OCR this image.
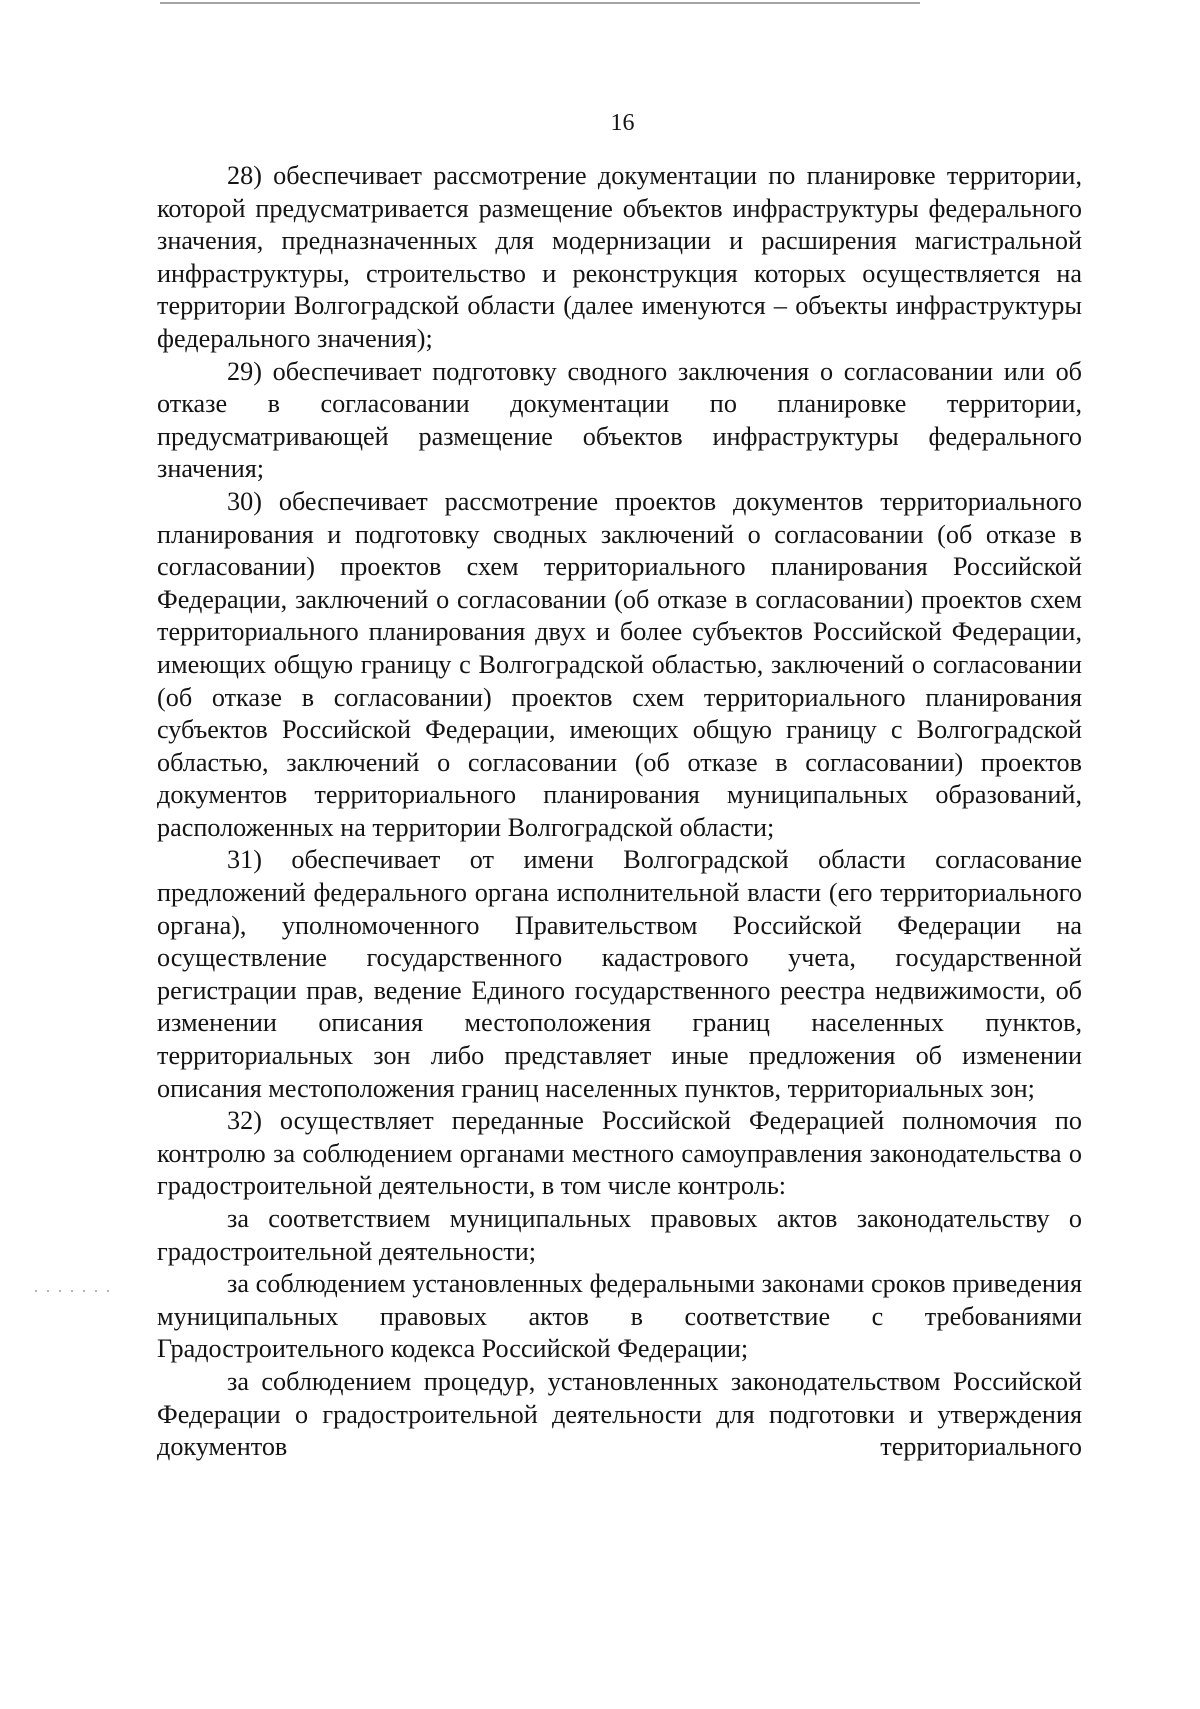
16

28) обеспечивает рассмотрение документации по планировке территории, которой предусматривается размещение объектов инфраструктуры федерального значения, предназначенных для модернизации и расширения магистральной инфраструктуры, строительство и реконструкция которых осуществляется на территории Волгоградской области (далее именуются – объекты инфраструктуры федерального значения);

29) обеспечивает подготовку сводного заключения о согласовании или об отказе в согласовании документации по планировке территории, предусматривающей размещение объектов инфраструктуры федерального значения;

30) обеспечивает рассмотрение проектов документов территориального планирования и подготовку сводных заключений о согласовании (об отказе в согласовании) проектов схем территориального планирования Российской Федерации, заключений о согласовании (об отказе в согласовании) проектов схем территориального планирования двух и более субъектов Российской Федерации, имеющих общую границу с Волгоградской областью, заключений о согласовании (об отказе в согласовании) проектов схем территориального планирования субъектов Российской Федерации, имеющих общую границу с Волгоградской областью, заключений о согласовании (об отказе в согласовании) проектов документов территориального планирования муниципальных образований, расположенных на территории Волгоградской области;

31) обеспечивает от имени Волгоградской области согласование предложений федерального органа исполнительной власти (его территориального органа), уполномоченного Правительством Российской Федерации на осуществление государственного кадастрового учета, государственной регистрации прав, ведение Единого государственного реестра недвижимости, об изменении описания местоположения границ населенных пунктов, территориальных зон либо представляет иные предложения об изменении описания местоположения границ населенных пунктов, территориальных зон;

32) осуществляет переданные Российской Федерацией полномочия по контролю за соблюдением органами местного самоуправления законодательства о градостроительной деятельности, в том числе контроль:

за соответствием муниципальных правовых актов законодательству о градостроительной деятельности;

за соблюдением установленных федеральными законами сроков приведения муниципальных правовых актов в соответствие с требованиями Градостроительного кодекса Российской Федерации;

за соблюдением процедур, установленных законодательством Российской Федерации о градостроительной деятельности для подготовки и утверждения документов территориального
